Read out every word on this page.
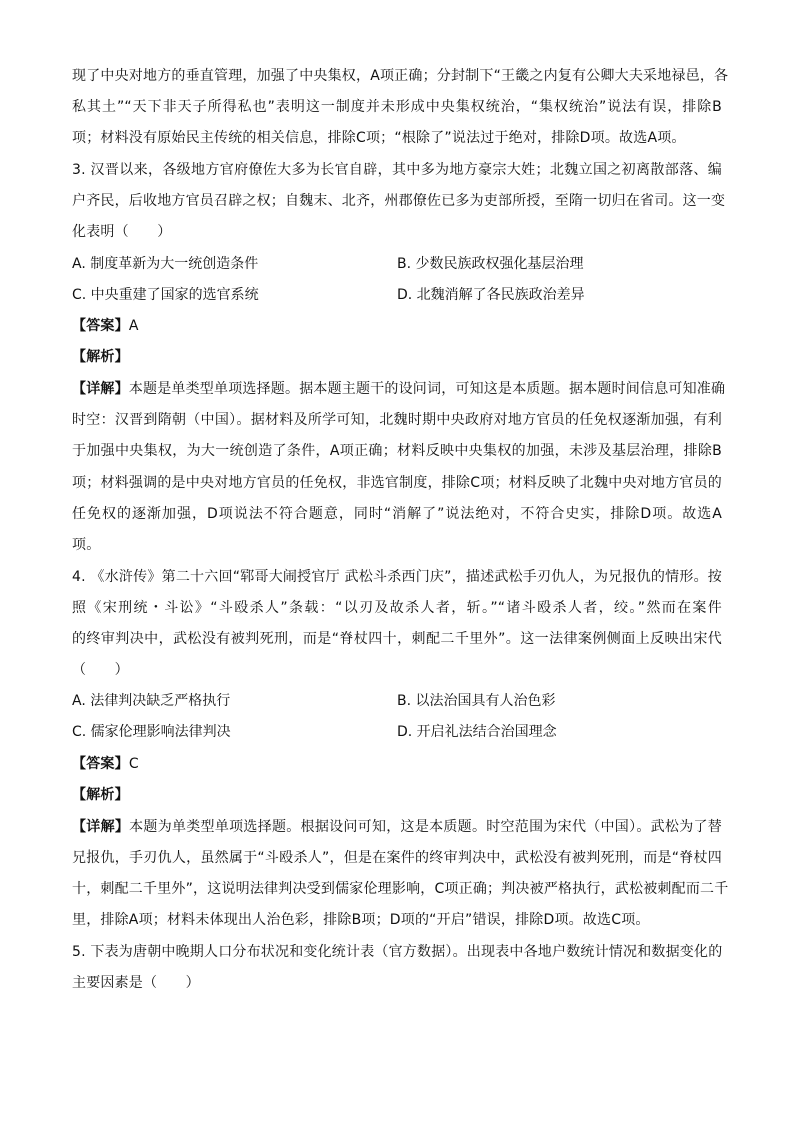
现了中央对地方的垂直管理，加强了中央集权，A项正确；分封制下“王畿之内复有公卿大夫采地禄邑，各
私其土”“天下非天子所得私也”表明这一制度并未形成中央集权统治，“集权统治”说法有误，排除B
项；材料没有原始民主传统的相关信息，排除C项；“根除了”说法过于绝对，排除D项。故选A项。
3. 汉晋以来，各级地方官府僚佐大多为长官自辟，其中多为地方豪宗大姓；北魏立国之初离散部落、编
户齐民，后收地方官员召辟之权；自魏末、北齐，州郡僚佐已多为吏部所授，至隋一切归在省司。这一变
化表明（　　）
A. 制度革新为大一统创造条件	B. 少数民族政权强化基层治理
C. 中央重建了国家的选官系统	D. 北魏消解了各民族政治差异
【答案】A
【解析】
【详解】本题是单类型单项选择题。据本题主题干的设问词，可知这是本质题。据本题时间信息可知准确
时空：汉晋到隋朝（中国）。据材料及所学可知，北魏时期中央政府对地方官员的任免权逐渐加强，有利
于加强中央集权，为大一统创造了条件，A项正确；材料反映中央集权的加强，未涉及基层治理，排除B
项；材料强调的是中央对地方官员的任免权，非选官制度，排除C项；材料反映了北魏中央对地方官员的
任免权的逐渐加强，D项说法不符合题意，同时“消解了”说法绝对，不符合史实，排除D项。故选A
项。
4. 《水浒传》第二十六回“郓哥大闹授官厅 武松斗杀西门庆”，描述武松手刃仇人，为兄报仇的情形。按
照《宋刑统・斗讼》“斗殴杀人”条载：“以刃及故杀人者，斩。”“诸斗殴杀人者，绞。”然而在案件
的终审判决中，武松没有被判死刑，而是“脊杖四十，刺配二千里外”。这一法律案例侧面上反映出宋代
（　　）
A. 法律判决缺乏严格执行	B. 以法治国具有人治色彩
C. 儒家伦理影响法律判决	D. 开启礼法结合治国理念
【答案】C
【解析】
【详解】本题为单类型单项选择题。根据设问可知，这是本质题。时空范围为宋代（中国）。武松为了替
兄报仇，手刃仇人，虽然属于“斗殴杀人”，但是在案件的终审判决中，武松没有被判死刑，而是“脊杖四
十，刺配二千里外”，这说明法律判决受到儒家伦理影响，C项正确；判决被严格执行，武松被刺配而二千
里，排除A项；材料未体现出人治色彩，排除B项；D项的“开启”错误，排除D项。故选C项。
5. 下表为唐朝中晚期人口分布状况和变化统计表（官方数据）。出现表中各地户数统计情况和数据变化的
主要因素是（　　）
